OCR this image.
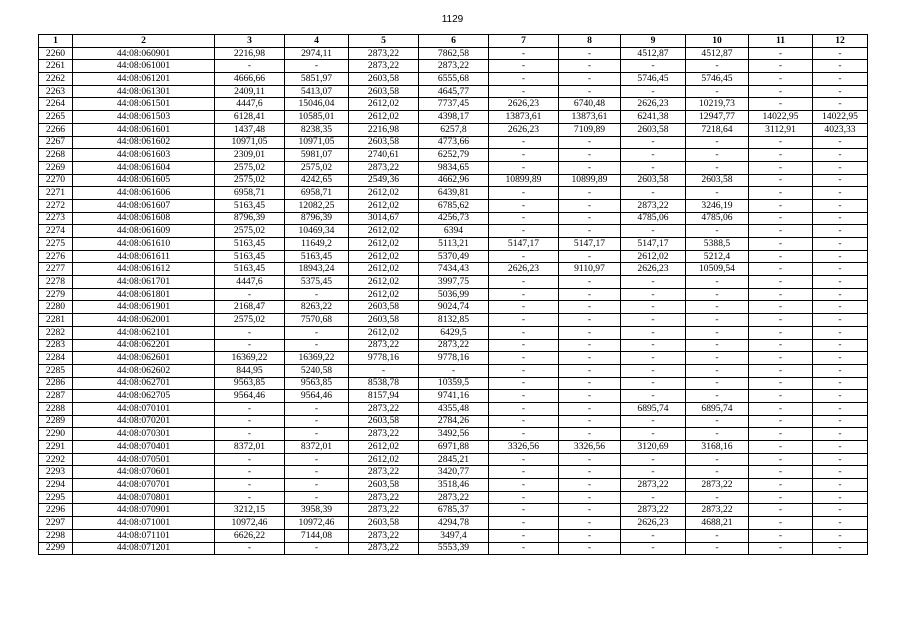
1129
1	2	3	4	5	6	7	8	9	10	11	12
2260	44:08:060901	2216,98	2974,11	2873,22	7862,58	-	-	4512,87	4512,87	-	-
2261	44:08:061001	-	-	2873,22	2873,22	-	-	-	-	-	-
2262	44:08:061201	4666,66	5851,97	2603,58	6555,68	-	-	5746,45	5746,45	-	-
2263	44:08:061301	2409,11	5413,07	2603,58	4645,77	-	-	-	-	-	-
2264	44:08:061501	4447,6	15046,04	2612,02	7737,45	2626,23	6740,48	2626,23	10219,73	-	-
2265	44:08:061503	6128,41	10585,01	2612,02	4398,17	13873,61	13873,61	6241,38	12947,77	14022,95	14022,95
2266	44:08:061601	1437,48	8238,35	2216,98	6257,8	2626,23	7109,89	2603,58	7218,64	3112,91	4023,33
2267	44:08:061602	10971,05	10971,05	2603,58	4773,66	-	-	-	-	-	-
2268	44:08:061603	2309,01	5981,07	2740,61	6252,79	-	-	-	-	-	-
2269	44:08:061604	2575,02	2575,02	2873,22	9834,65	-	-	-	-	-	-
2270	44:08:061605	2575,02	4242,65	2549,36	4662,96	10899,89	10899,89	2603,58	2603,58	-	-
2271	44:08:061606	6958,71	6958,71	2612,02	6439,81	-	-	-	-	-	-
2272	44:08:061607	5163,45	12082,25	2612,02	6785,62	-	-	2873,22	3246,19	-	-
2273	44:08:061608	8796,39	8796,39	3014,67	4256,73	-	-	4785,06	4785,06	-	-
2274	44:08:061609	2575,02	10469,34	2612,02	6394	-	-	-	-	-	-
2275	44:08:061610	5163,45	11649,2	2612,02	5113,21	5147,17	5147,17	5147,17	5388,5	-	-
2276	44:08:061611	5163,45	5163,45	2612,02	5370,49	-	-	2612,02	5212,4	-	-
2277	44:08:061612	5163,45	18943,24	2612,02	7434,43	2626,23	9110,97	2626,23	10509,54	-	-
2278	44:08:061701	4447,6	5375,45	2612,02	3997,75	-	-	-	-	-	-
2279	44:08:061801	-	-	2612,02	5036,99	-	-	-	-	-	-
2280	44:08:061901	2168,47	8263,22	2603,58	9024,74	-	-	-	-	-	-
2281	44:08:062001	2575,02	7570,68	2603,58	8132,85	-	-	-	-	-	-
2282	44:08:062101	-	-	2612,02	6429,5	-	-	-	-	-	-
2283	44:08:062201	-	-	2873,22	2873,22	-	-	-	-	-	-
2284	44:08:062601	16369,22	16369,22	9778,16	9778,16	-	-	-	-	-	-
2285	44:08:062602	844,95	5240,58	-	-	-	-	-	-	-	-
2286	44:08:062701	9563,85	9563,85	8538,78	10359,5	-	-	-	-	-	-
2287	44:08:062705	9564,46	9564,46	8157,94	9741,16	-	-	-	-	-	-
2288	44:08:070101	-	-	2873,22	4355,48	-	-	6895,74	6895,74	-	-
2289	44:08:070201	-	-	2603,58	2784,26	-	-	-	-	-	-
2290	44:08:070301	-	-	2873,22	3492,56	-	-	-	-	-	-
2291	44:08:070401	8372,01	8372,01	2612,02	6971,88	3326,56	3326,56	3120,69	3168,16	-	-
2292	44:08:070501	-	-	2612,02	2845,21	-	-	-	-	-	-
2293	44:08:070601	-	-	2873,22	3420,77	-	-	-	-	-	-
2294	44:08:070701	-	-	2603,58	3518,46	-	-	2873,22	2873,22	-	-
2295	44:08:070801	-	-	2873,22	2873,22	-	-	-	-	-	-
2296	44:08:070901	3212,15	3958,39	2873,22	6785,37	-	-	2873,22	2873,22	-	-
2297	44:08:071001	10972,46	10972,46	2603,58	4294,78	-	-	2626,23	4688,21	-	-
2298	44:08:071101	6626,22	7144,08	2873,22	3497,4	-	-	-	-	-	-
2299	44:08:071201	-	-	2873,22	5553,39	-	-	-	-	-	-
